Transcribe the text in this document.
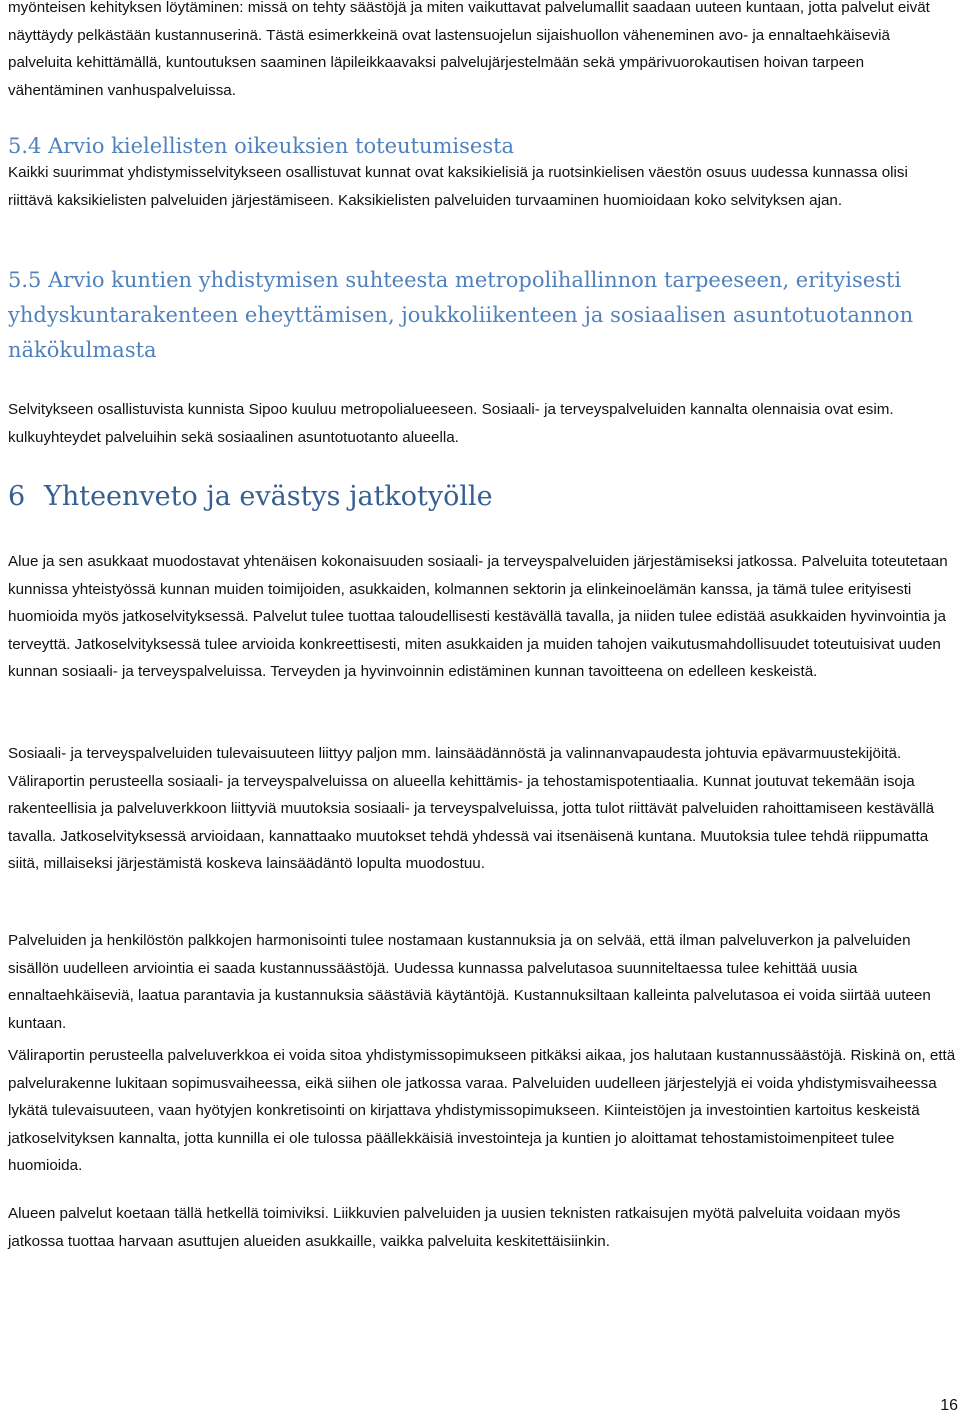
myönteisen kehityksen löytäminen: missä on tehty säästöjä ja miten vaikuttavat palvelumallit saadaan uuteen kuntaan, jotta palvelut eivät näyttäydy pelkästään kustannuserinä. Tästä esimerkkeinä ovat lastensuojelun sijaishuollon väheneminen avo- ja ennaltaehkäiseviä palveluita kehittämällä, kuntoutuksen saaminen läpileikkaavaksi palvelujärjestelmään sekä ympärivuorokautisen hoivan tarpeen vähentäminen vanhuspalveluissa.

5.4 Arvio kielellisten oikeuksien toteutumisesta

Kaikki suurimmat yhdistymisselvitykseen osallistuvat kunnat ovat kaksikielisiä ja ruotsinkielisen väestön osuus uudessa kunnassa olisi riittävä kaksikielisten palveluiden järjestämiseen. Kaksikielisten palveluiden turvaaminen huomioidaan koko selvityksen ajan.

5.5 Arvio kuntien yhdistymisen suhteesta metropolihallinnon tarpeeseen, erityisesti yhdyskuntarakenteen eheyttämisen, joukkoliikenteen ja sosiaalisen asuntotuotannon näkökulmasta

Selvitykseen osallistuvista kunnista Sipoo kuuluu metropolialueeseen. Sosiaali- ja terveyspalveluiden kannalta olennaisia ovat esim. kulkuyhteydet palveluihin sekä sosiaalinen asuntotuotanto alueella.

6 Yhteenveto ja evästys jatkotyölle

Alue ja sen asukkaat muodostavat yhtenäisen kokonaisuuden sosiaali- ja terveyspalveluiden järjestämiseksi jatkossa. Palveluita toteutetaan kunnissa yhteistyössä kunnan muiden toimijoiden, asukkaiden, kolmannen sektorin ja elinkeinoelämän kanssa, ja tämä tulee erityisesti huomioida myös jatkoselvityksessä. Palvelut tulee tuottaa taloudellisesti kestävällä tavalla, ja niiden tulee edistää asukkaiden hyvinvointia ja terveyttä. Jatkoselvityksessä tulee arvioida konkreettisesti, miten asukkaiden ja muiden tahojen vaikutusmahdollisuudet toteutuisivat uuden kunnan sosiaali- ja terveyspalveluissa. Terveyden ja hyvinvoinnin edistäminen kunnan tavoitteena on edelleen keskeistä.

Sosiaali- ja terveyspalveluiden tulevaisuuteen liittyy paljon mm. lainsäädännöstä ja valinnanvapaudesta johtuvia epävarmuustekijöitä. Väliraportin perusteella sosiaali- ja terveyspalveluissa on alueella kehittämis- ja tehostamispotentiaalia. Kunnat joutuvat tekemään isoja rakenteellisia ja palveluverkkoon liittyviä muutoksia sosiaali- ja terveyspalveluissa, jotta tulot riittävät palveluiden rahoittamiseen kestävällä tavalla. Jatkoselvityksessä arvioidaan, kannattaako muutokset tehdä yhdessä vai itsenäisenä kuntana. Muutoksia tulee tehdä riippumatta siitä, millaiseksi järjestämistä koskeva lainsäädäntö lopulta muodostuu.

Palveluiden ja henkilöstön palkkojen harmonisointi tulee nostamaan kustannuksia ja on selvää, että ilman palveluverkon ja palveluiden sisällön uudelleen arviointia ei saada kustannussäästöjä. Uudessa kunnassa palvelutasoa suunniteltaessa tulee kehittää uusia ennaltaehkäiseviä, laatua parantavia ja kustannuksia säästäviä käytäntöjä. Kustannuksiltaan kalleinta palvelutasoa ei voida siirtää uuteen kuntaan.

Väliraportin perusteella palveluverkkoa ei voida sitoa yhdistymissopimukseen pitkäksi aikaa, jos halutaan kustannussäästöjä. Riskinä on, että palvelurakenne lukitaan sopimusvaiheessa, eikä siihen ole jatkossa varaa. Palveluiden uudelleen järjestelyjä ei voida yhdistymisvaiheessa lykätä tulevaisuuteen, vaan hyötyjen konkretisointi on kirjattava yhdistymissopimukseen. Kiinteistöjen ja investointien kartoitus keskeistä jatkoselvityksen kannalta, jotta kunnilla ei ole tulossa päällekkäisiä investointeja ja kuntien jo aloittamat tehostamistoimenpiteet tulee huomioida.

Alueen palvelut koetaan tällä hetkellä toimiviksi. Liikkuvien palveluiden ja uusien teknisten ratkaisujen myötä palveluita voidaan myös jatkossa tuottaa harvaan asuttujen alueiden asukkaille, vaikka palveluita keskitettäisiinkin.

16
